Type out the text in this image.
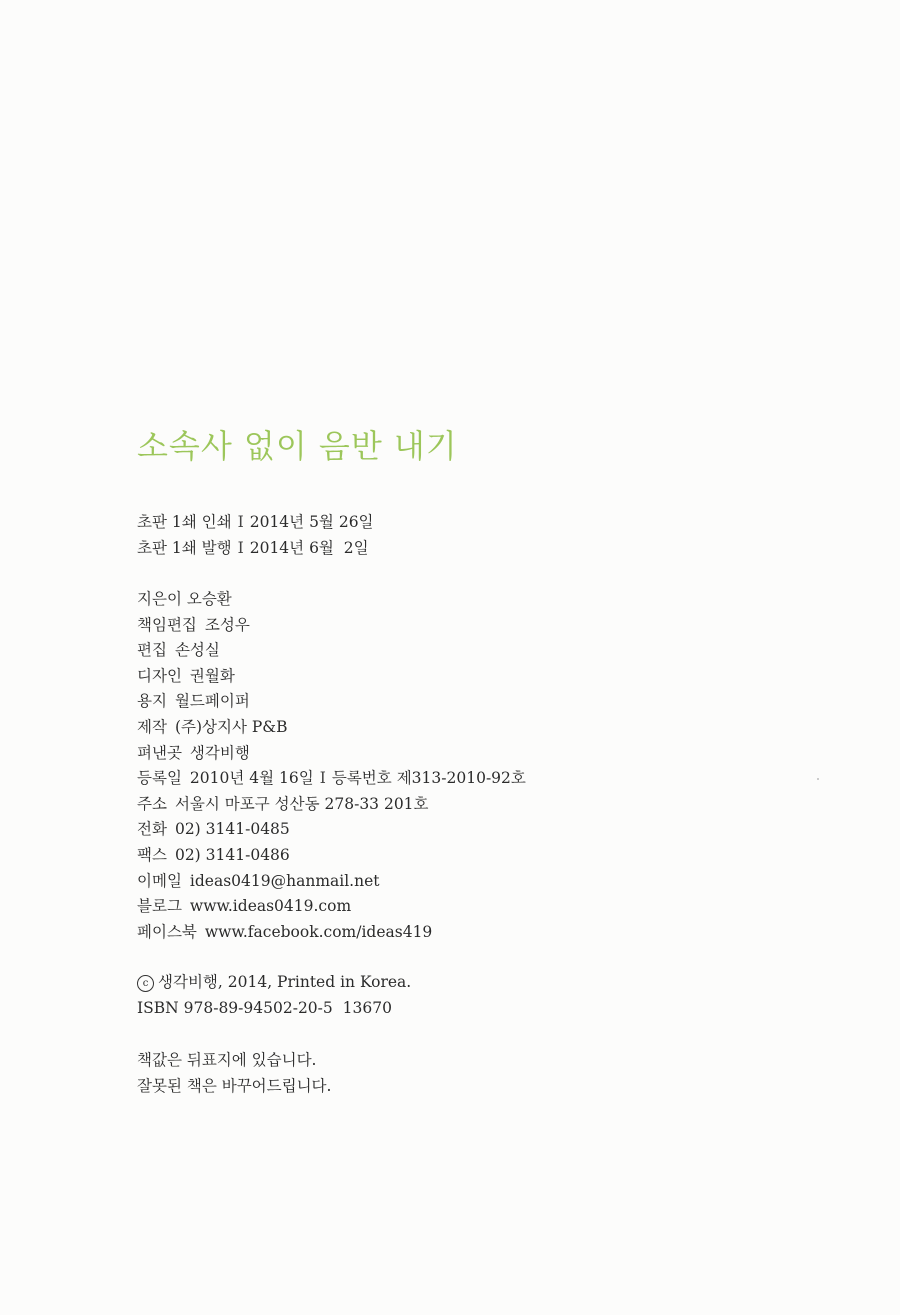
소속사 없이 음반 내기
초판 1쇄 인쇄 I 2014년 5월 26일
초판 1쇄 발행 I 2014년 6월  2일
지은이 오승환
책임편집 조성우
편집 손성실
디자인 권월화
용지 월드페이퍼
제작 (주)상지사 P&B
펴낸곳 생각비행
등록일 2010년 4월 16일 I 등록번호 제313-2010-92호
주소 서울시 마포구 성산동 278-33 201호
전화 02) 3141-0485
팩스 02) 3141-0486
이메일 ideas0419@hanmail.net
블로그 www.ideas0419.com
페이스북 www.facebook.com/ideas419
c 생각비행, 2014, Printed in Korea.
ISBN 978-89-94502-20-5  13670
책값은 뒤표지에 있습니다.
잘못된 책은 바꾸어드립니다.
